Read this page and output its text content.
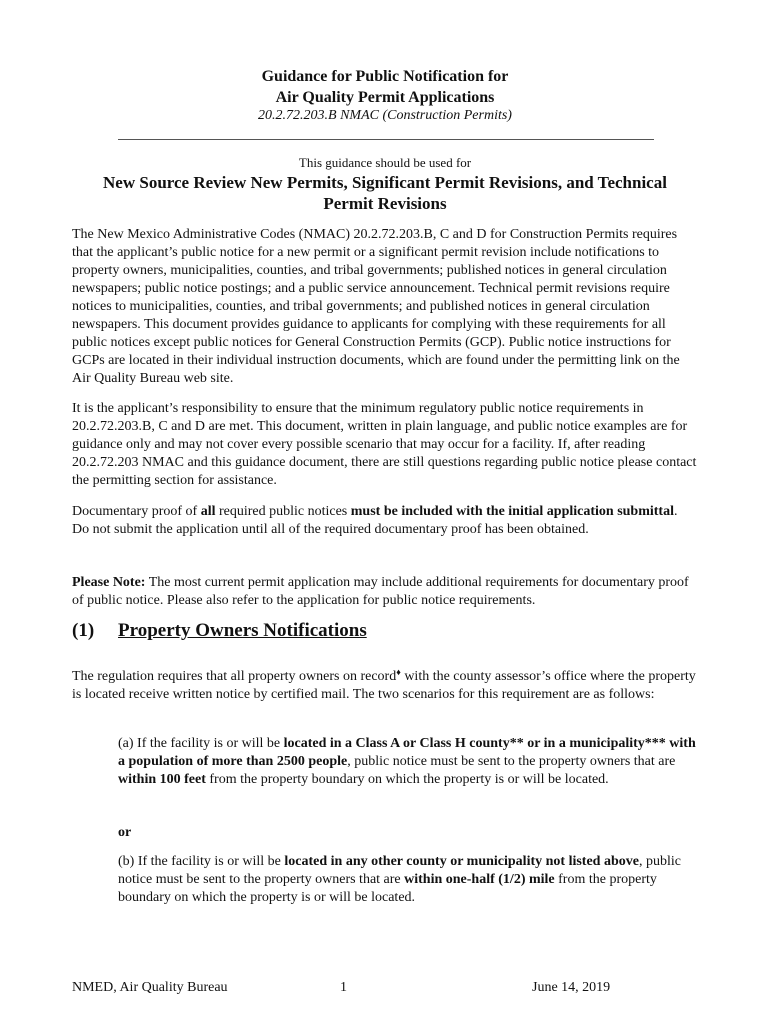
Guidance for Public Notification for
Air Quality Permit Applications
20.2.72.203.B NMAC (Construction Permits)
This guidance should be used for
New Source Review New Permits, Significant Permit Revisions, and Technical Permit Revisions
The New Mexico Administrative Codes (NMAC) 20.2.72.203.B, C and D for Construction Permits requires that the applicant’s public notice for a new permit or a significant permit revision include notifications to property owners, municipalities, counties, and tribal governments; published notices in general circulation newspapers; public notice postings; and a public service announcement. Technical permit revisions require notices to municipalities, counties, and tribal governments; and published notices in general circulation newspapers. This document provides guidance to applicants for complying with these requirements for all public notices except public notices for General Construction Permits (GCP). Public notice instructions for GCPs are located in their individual instruction documents, which are found under the permitting link on the Air Quality Bureau web site.
It is the applicant’s responsibility to ensure that the minimum regulatory public notice requirements in 20.2.72.203.B, C and D are met. This document, written in plain language, and public notice examples are for guidance only and may not cover every possible scenario that may occur for a facility. If, after reading 20.2.72.203 NMAC and this guidance document, there are still questions regarding public notice please contact the permitting section for assistance.
Documentary proof of all required public notices must be included with the initial application submittal. Do not submit the application until all of the required documentary proof has been obtained.
Please Note: The most current permit application may include additional requirements for documentary proof of public notice. Please also refer to the application for public notice requirements.
(1) Property Owners Notifications
The regulation requires that all property owners on record♦ with the county assessor’s office where the property is located receive written notice by certified mail. The two scenarios for this requirement are as follows:
(a) If the facility is or will be located in a Class A or Class H county** or in a municipality*** with a population of more than 2500 people, public notice must be sent to the property owners that are within 100 feet from the property boundary on which the property is or will be located.
or
(b) If the facility is or will be located in any other county or municipality not listed above, public notice must be sent to the property owners that are within one-half (1/2) mile from the property boundary on which the property is or will be located.
NMED, Air Quality Bureau	1	June 14, 2019
